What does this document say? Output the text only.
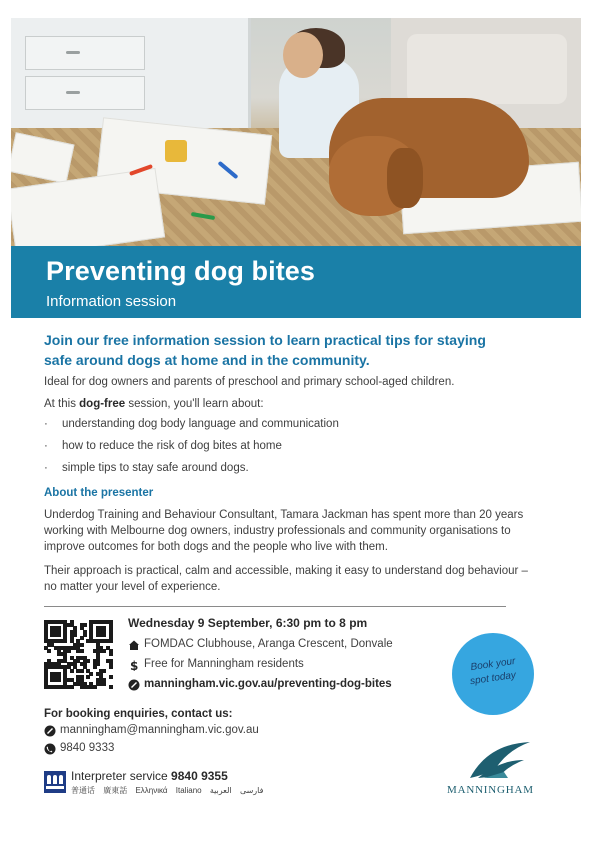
Preventing dog bites
Information session
Join our free information session to learn practical tips for staying safe around dogs at home and in the community.
Ideal for dog owners and parents of preschool and primary school-aged children.
At this dog-free session, you'll learn about:
· understanding dog body language and communication
· how to reduce the risk of dog bites at home
· simple tips to stay safe around dogs.
About the presenter
Underdog Training and Behaviour Consultant, Tamara Jackman has spent more than 20 years working with Melbourne dog owners, industry professionals and community organisations to improve outcomes for both dogs and the people who live with them.
Their approach is practical, calm and accessible, making it easy to understand dog behaviour – no matter your level of experience.
Wednesday 9 September, 6:30 pm to 8 pm
FOMDAC Clubhouse, Aranga Crescent, Donvale
$ Free for Manningham residents
manningham.vic.gov.au/preventing-dog-bites
Book your
spot today
For booking enquiries, contact us:
manningham@manningham.vic.gov.au
9840 9333
Interpreter service 9840 9355
普通话 廣東話 Ελληνικά Italiano	فارسی العربية	MANNINGHAM
